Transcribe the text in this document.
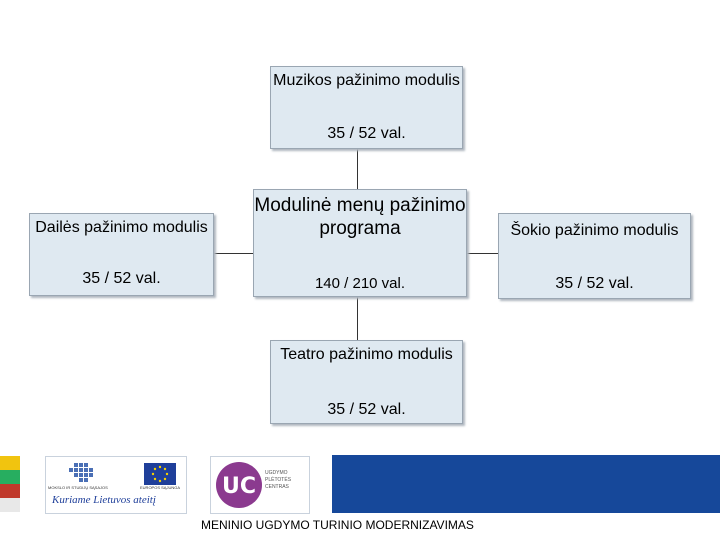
Muzikos pažinimo modulis
35 / 52 val.
Dailės pažinimo modulis
35 / 52 val.
Modulinė menų pažinimo programa
140 / 210 val.
Šokio pažinimo modulis
35 / 52 val.
Teatro pažinimo modulis
35 / 52 val.
MOKSLO IR STUDIJŲ SĄSAJOS	EUROPOS SĄJUNGA
Kuriame Lietuvos ateitį
UC
UGDYMO PLĖTOTĖS CENTRAS
MENINIO UGDYMO TURINIO MODERNIZAVIMAS
